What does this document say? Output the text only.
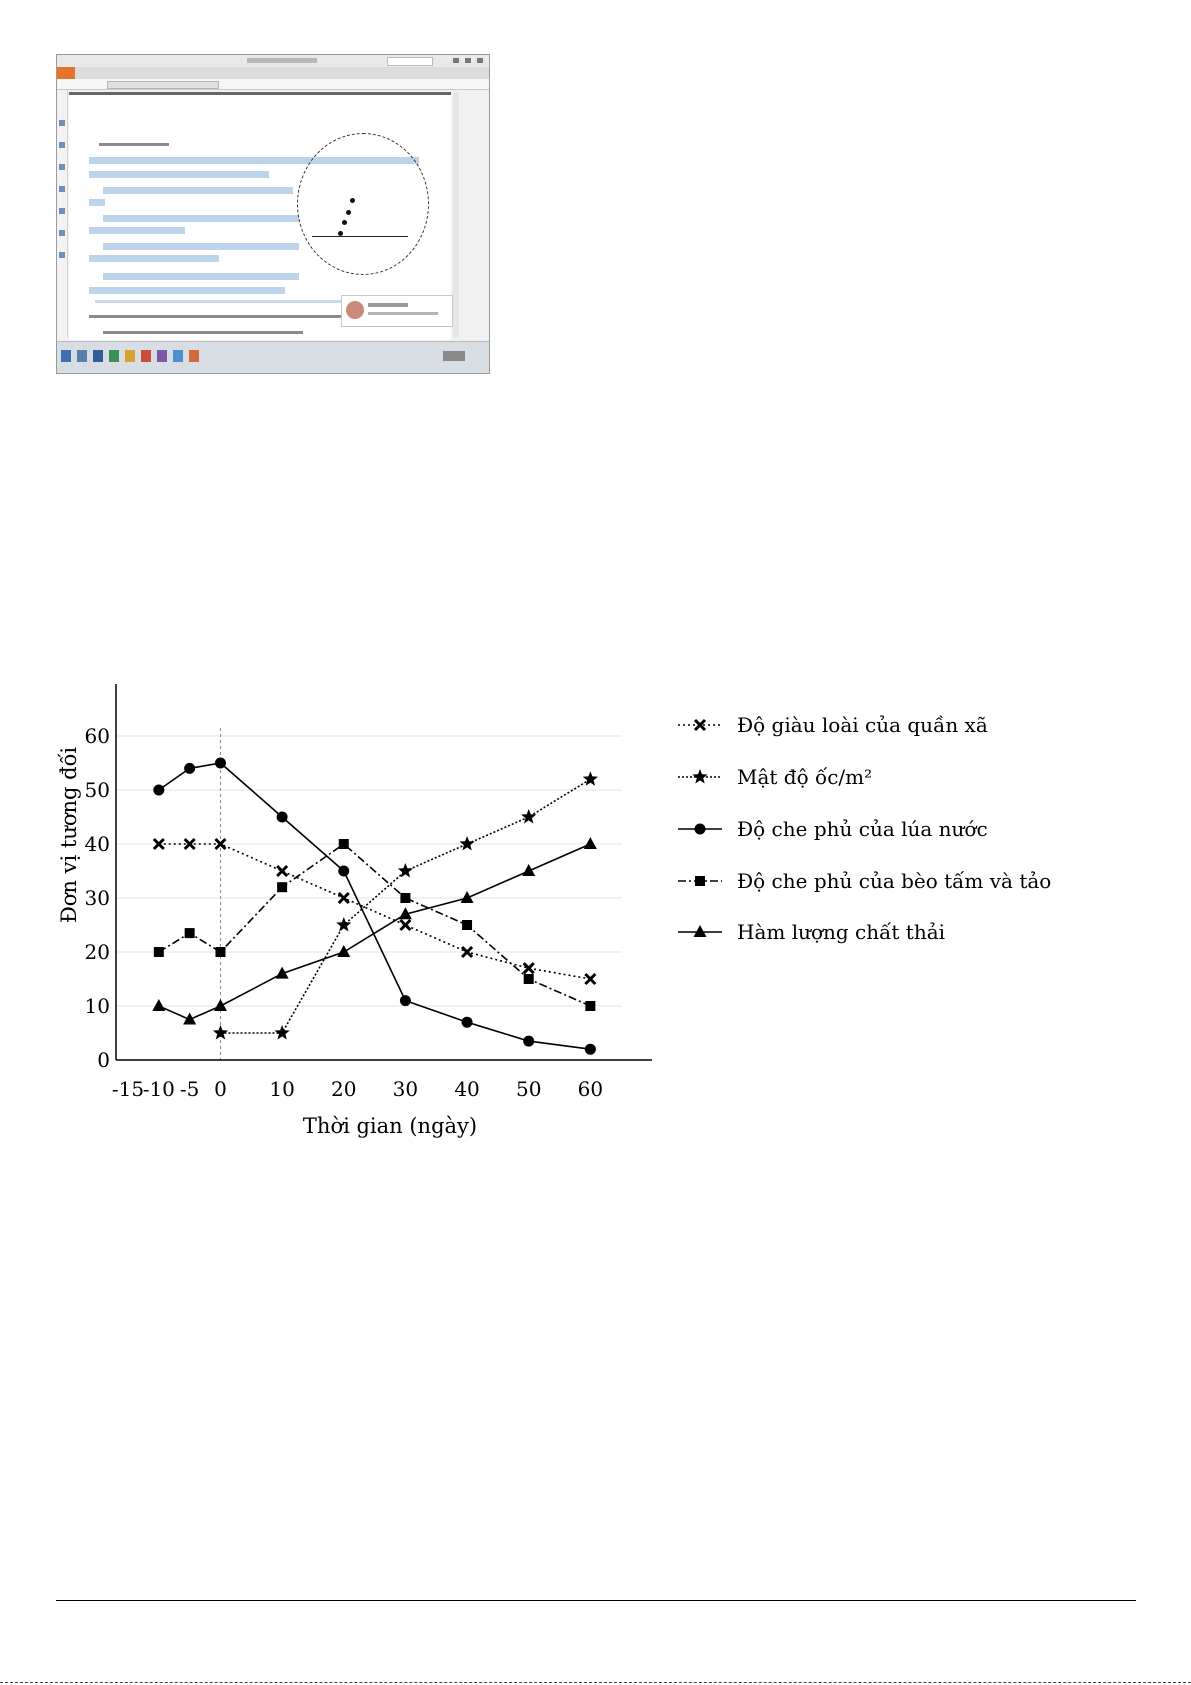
-15
-10 -5 0 10 20 30 40 50 60
0
10
20
30
40
50
60
Thời gian (ngày)
Đơn vị tương đối
Độ giàu loài của quần xã
Mật độ ốc/m²
Độ che phủ của lúa nước
Độ che phủ của bèo tấm và tảo
Hàm lượng chất thải
